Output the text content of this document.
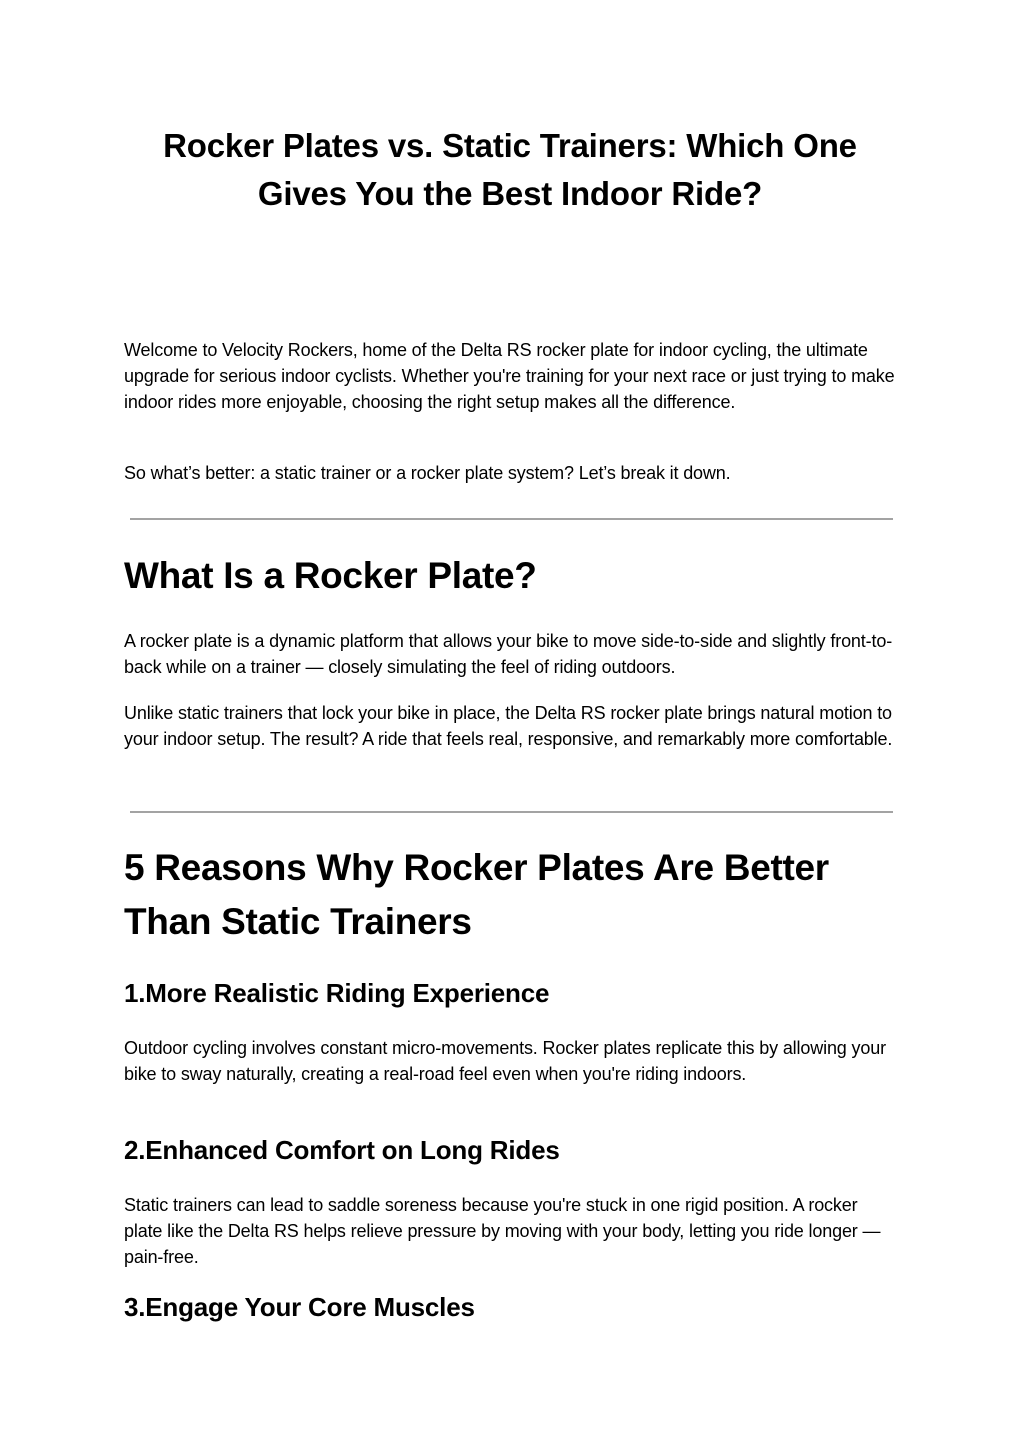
Rocker Plates vs. Static Trainers: Which One Gives You the Best Indoor Ride?

Welcome to Velocity Rockers, home of the Delta RS rocker plate for indoor cycling, the ultimate upgrade for serious indoor cyclists. Whether you're training for your next race or just trying to make indoor rides more enjoyable, choosing the right setup makes all the difference.

So what’s better: a static trainer or a rocker plate system? Let’s break it down.

What Is a Rocker Plate?

A rocker plate is a dynamic platform that allows your bike to move side-to-side and slightly front-to-back while on a trainer — closely simulating the feel of riding outdoors.

Unlike static trainers that lock your bike in place, the Delta RS rocker plate brings natural motion to your indoor setup. The result? A ride that feels real, responsive, and remarkably more comfortable.

5 Reasons Why Rocker Plates Are Better Than Static Trainers
1.More Realistic Riding Experience

Outdoor cycling involves constant micro-movements. Rocker plates replicate this by allowing your bike to sway naturally, creating a real-road feel even when you're riding indoors.

2.Enhanced Comfort on Long Rides

Static trainers can lead to saddle soreness because you're stuck in one rigid position. A rocker plate like the Delta RS helps relieve pressure by moving with your body, letting you ride longer — pain-free.

3.Engage Your Core Muscles
